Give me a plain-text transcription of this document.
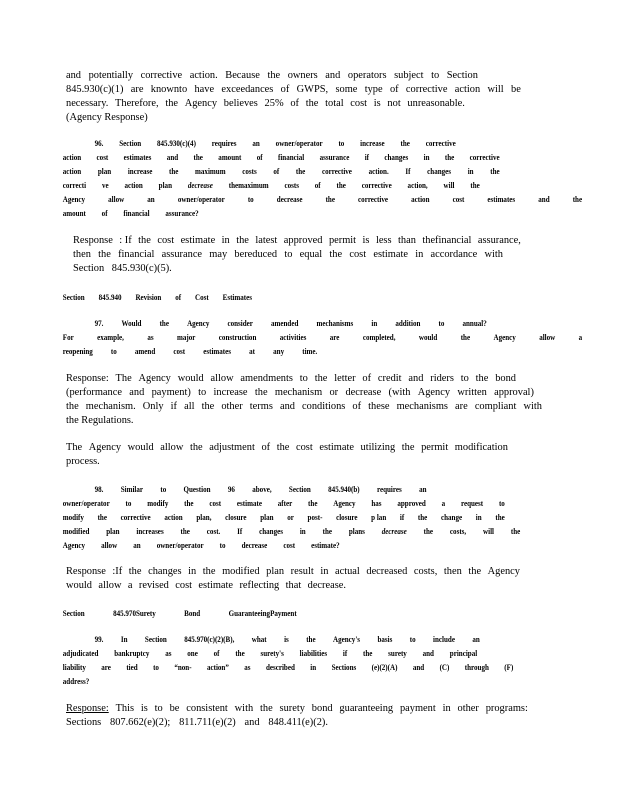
and potentially corrective action. Because the owners and operators subject to Section
845.930(c)(1) are knownto have exceedances of GWPS, some type of corrective action will be
necessary. Therefore, the Agency believes 25% of the total cost is not unreasonable.
(Agency Response)
96. Section 845.930(c)(4) requires an owner/operator to increase the corrective
action cost estimates and the amount of financial assurance if changes in the corrective
action plan increase the maximum costs of the corrective action. If changes in the
correcti ve action plan decrease themaximum costs of the corrective action, will the
Agency	allow	an	owner/operator	to	decrease	the	corrective	action	cost	estimates	and	the
amount of financial assurance?
Response : If the cost estimate in the latest approved permit is less than thefinancial assurance,
then the financial assurance may bereduced to equal the cost estimate in accordance with
Section 845.930(c)(5).
Section 845.940 Revision of Cost Estimates
97. Would the Agency consider amended mechanisms in addition to annual?
For	example,	as	major	construction	activities	are	completed,	would	the	Agency	allow	a
reopening to amend cost estimates at any time.
Response: The Agency would allow amendments to the letter of credit and riders to the bond
(performance and payment) to increase the mechanism or decrease (with Agency written approval)
the mechanism. Only if all the other terms and conditions of these mechanisms are compliant with
the Regulations.
The Agency would allow the adjustment of the cost estimate utilizing the permit modification
process.
98. Similar to Question 96 above, Section 845.940(b) requires an
owner/operator to modify the cost estimate after the Agency has approved a request to
modify the corrective action plan, closure plan or post- closure p lan if the change in the
modified plan increases the cost. If changes in the plans decrease the costs, will the
Agency allow an owner/operator to decrease cost estimate?
Response :If the changes in the modified plan result in actual decreased costs, then the Agency
would allow a revised cost estimate reflecting that decrease.
Section	845.970Surety	Bond	GuaranteeingPayment
99. In Section 845.970(c)(2)(B), what is the Agency's basis to include an
adjudicated bankruptcy as one of the surety's liabilities if the surety and principal
liability are tied to “non- action” as described in Sections (e)(2)(A) and (C) through (F)
address?
Response: This is to be consistent with the surety bond guaranteeing payment in other programs:
Sections 807.662(e)(2); 811.711(e)(2) and 848.411(e)(2).
